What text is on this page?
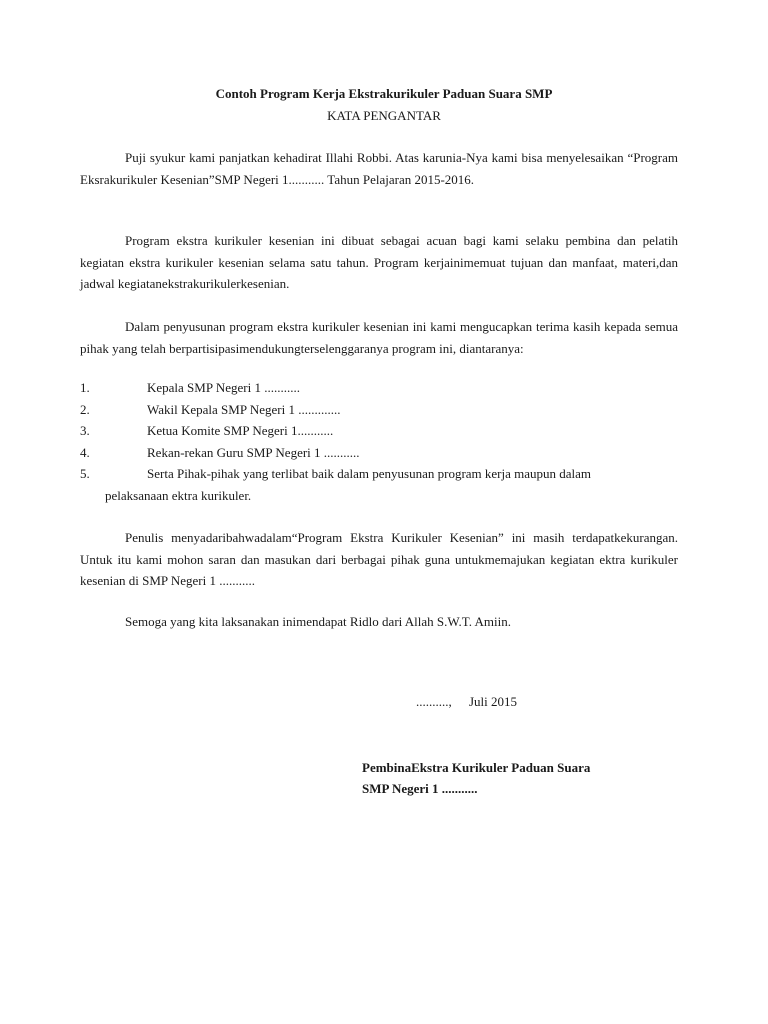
Contoh Program Kerja Ekstrakurikuler Paduan Suara SMP
KATA PENGANTAR

Puji syukur kami panjatkan kehadirat Illahi Robbi. Atas karunia-Nya kami bisa menyelesaikan “Program Eksrakurikuler Kesenian”SMP Negeri 1........... Tahun Pelajaran 2015-2016.

Program ekstra kurikuler kesenian ini dibuat sebagai acuan bagi kami selaku pembina dan pelatih kegiatan ekstra kurikuler kesenian selama satu tahun. Program kerjainimemuat tujuan dan manfaat, materi,dan jadwal kegiatanekstrakurikulerkesenian.

Dalam penyusunan program ekstra kurikuler kesenian ini kami mengucapkan terima kasih kepada semua pihak yang telah berpartisipasimendukungterselenggaranya program ini, diantaranya:

1.	Kepala SMP Negeri 1 ...........
2.	Wakil Kepala SMP Negeri 1 .............
3.	Ketua Komite SMP Negeri 1...........
4.	Rekan-rekan Guru SMP Negeri 1 ...........
5.	Serta Pihak-pihak yang terlibat baik dalam penyusunan program kerja maupun dalam
pelaksanaan ektra kurikuler.

Penulis menyadaribahwadalam“Program Ekstra Kurikuler Kesenian” ini masih terdapatkekurangan. Untuk itu kami mohon saran dan masukan dari berbagai pihak guna untukmemajukan kegiatan ektra kurikuler kesenian di SMP Negeri 1 ...........

Semoga yang kita laksanakan inimendapat Ridlo dari Allah S.W.T. Amiin.

.........., Juli 2015
PembinaEkstra Kurikuler Paduan Suara
SMP Negeri 1 ...........
